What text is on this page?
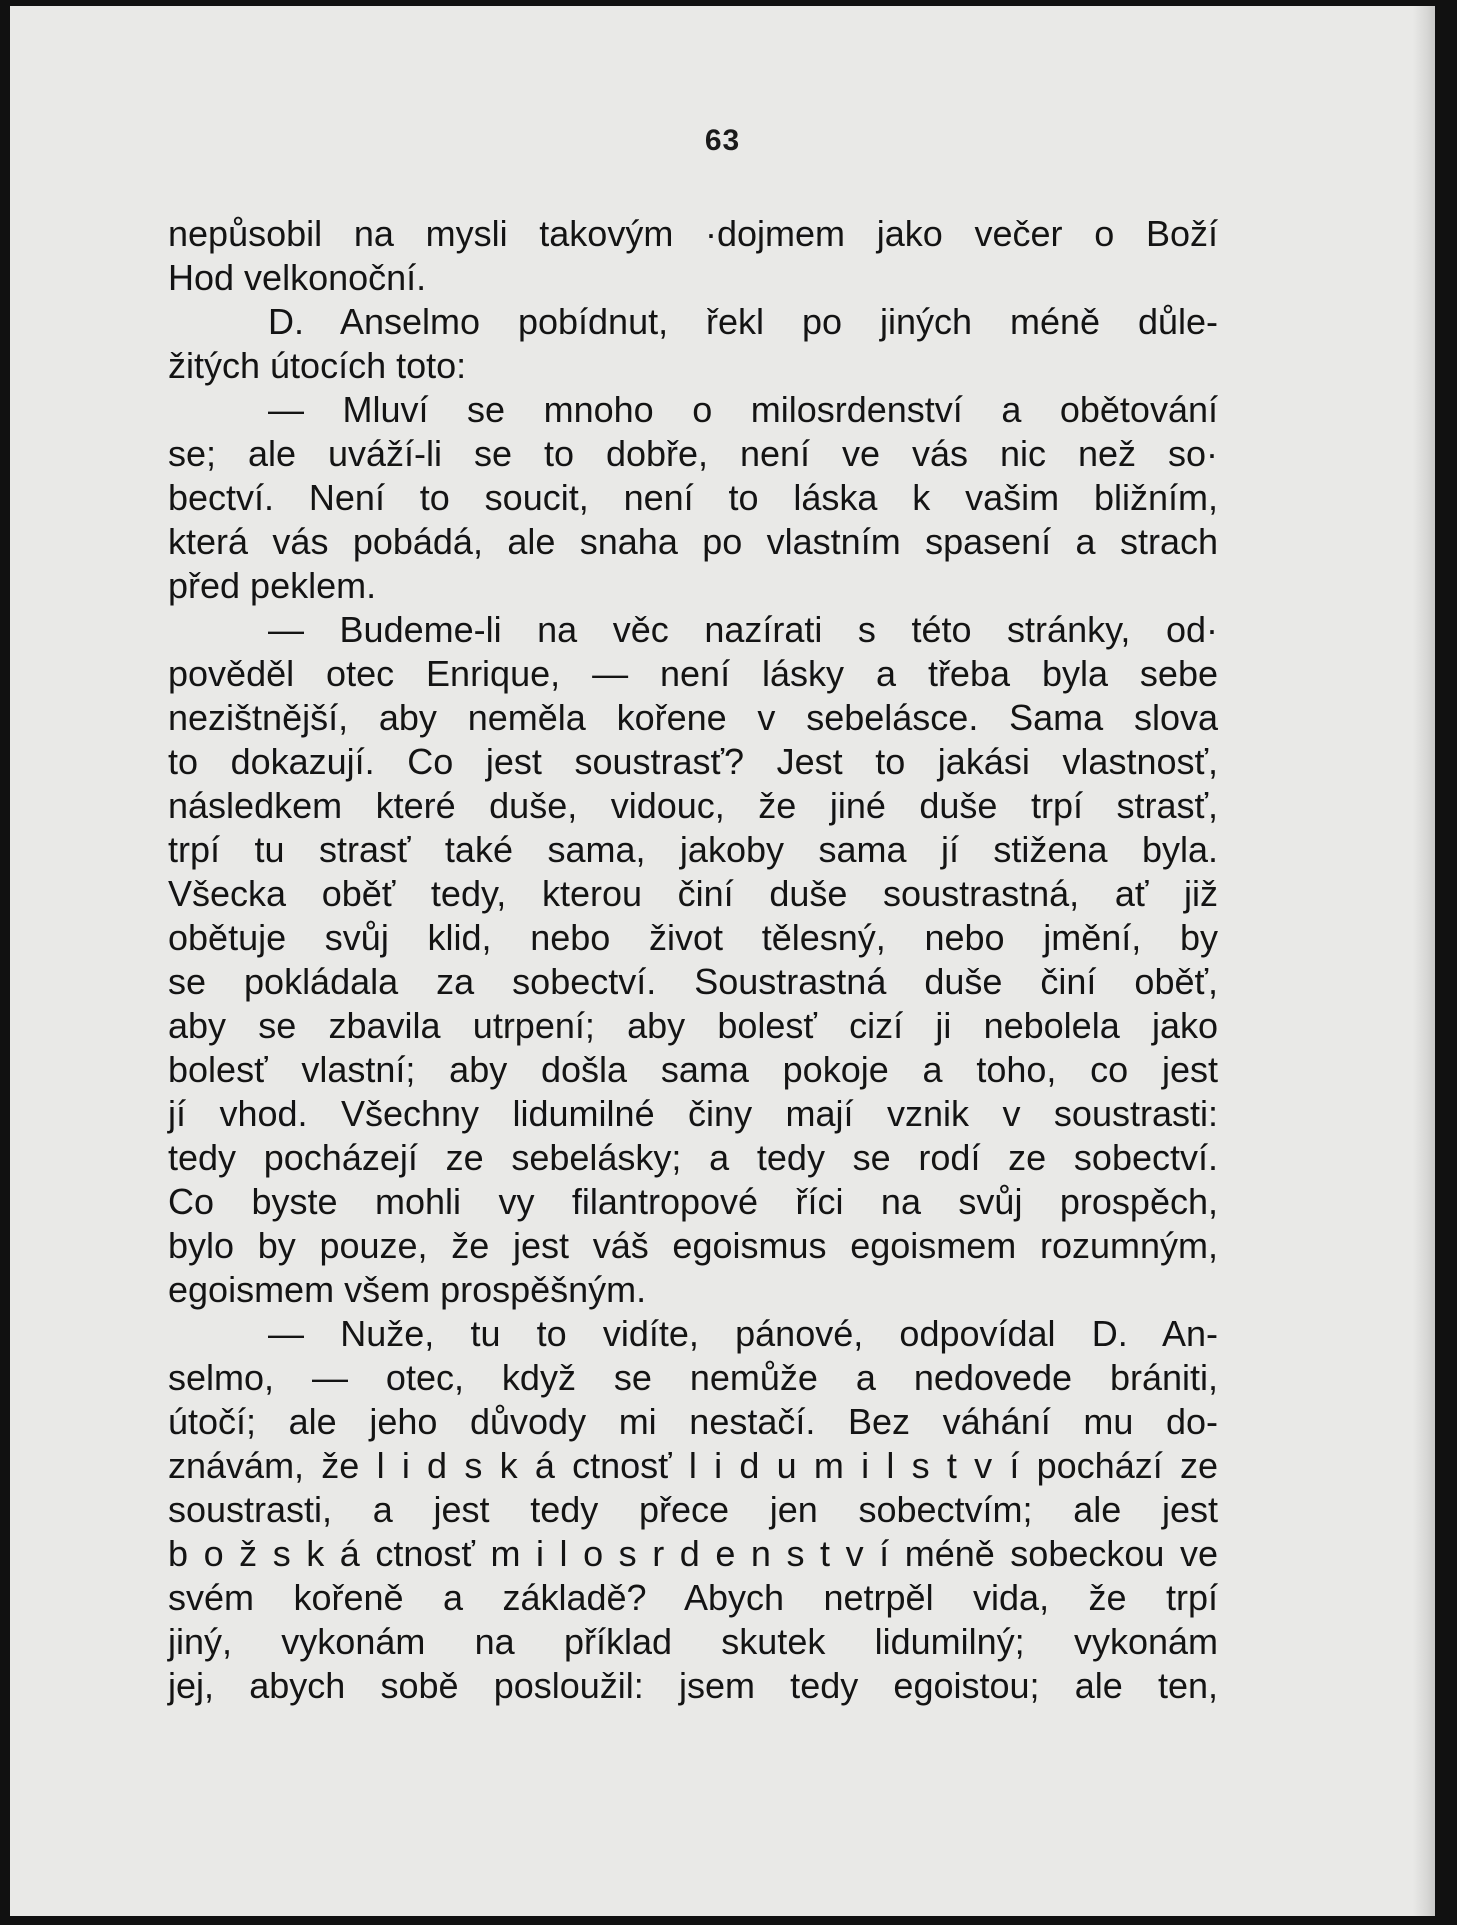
63
nepůsobil na mysli takovým ·dojmem jako večer o Boží
Hod velkonoční.
D. Anselmo pobídnut, řekl po jiných méně důle-
žitých útocích toto:
— Mluví se mnoho o milosrdenství a obětování
se; ale uváží-li se to dobře, není ve vás nic než so·
bectví. Není to soucit, není to láska k vašim bližním,
která vás pobádá, ale snaha po vlastním spasení a strach
před peklem.
— Budeme-li na věc nazírati s této stránky, od·
pověděl otec Enrique, — není lásky a třeba byla sebe
nezištnější, aby neměla kořene v sebelásce. Sama slova
to dokazují. Co jest soustrasť? Jest to jakási vlastnosť,
následkem které duše, vidouc, že jiné duše trpí strasť,
trpí tu strasť také sama, jakoby sama jí stižena byla.
Všecka oběť tedy, kterou činí duše soustrastná, ať již
obětuje svůj klid, nebo život tělesný, nebo jmění, by
se pokládala za sobectví. Soustrastná duše činí oběť,
aby se zbavila utrpení; aby bolesť cizí ji nebolela jako
bolesť vlastní; aby došla sama pokoje a toho, co jest
jí vhod. Všechny lidumilné činy mají vznik v soustrasti:
tedy pocházejí ze sebelásky; a tedy se rodí ze sobectví.
Co byste mohli vy filantropové říci na svůj prospěch,
bylo by pouze, že jest váš egoismus egoismem rozumným,
egoismem všem prospěšným.
— Nuže, tu to vidíte, pánové, odpovídal D. An-
selmo, — otec, když se nemůže a nedovede brániti,
útočí; ale jeho důvody mi nestačí. Bez váhání mu do-
znávám, že l i d s k á ctnosť l i d u m i l s t v í pochází ze
soustrasti, a jest tedy přece jen sobectvím; ale jest
b o ž s k á ctnosť m i l o s r d e n s t v í méně sobeckou ve
svém kořeně a základě? Abych netrpěl vida, že trpí
jiný, vykonám na příklad skutek lidumilný; vykonám
jej, abych sobě posloužil: jsem tedy egoistou; ale ten,
